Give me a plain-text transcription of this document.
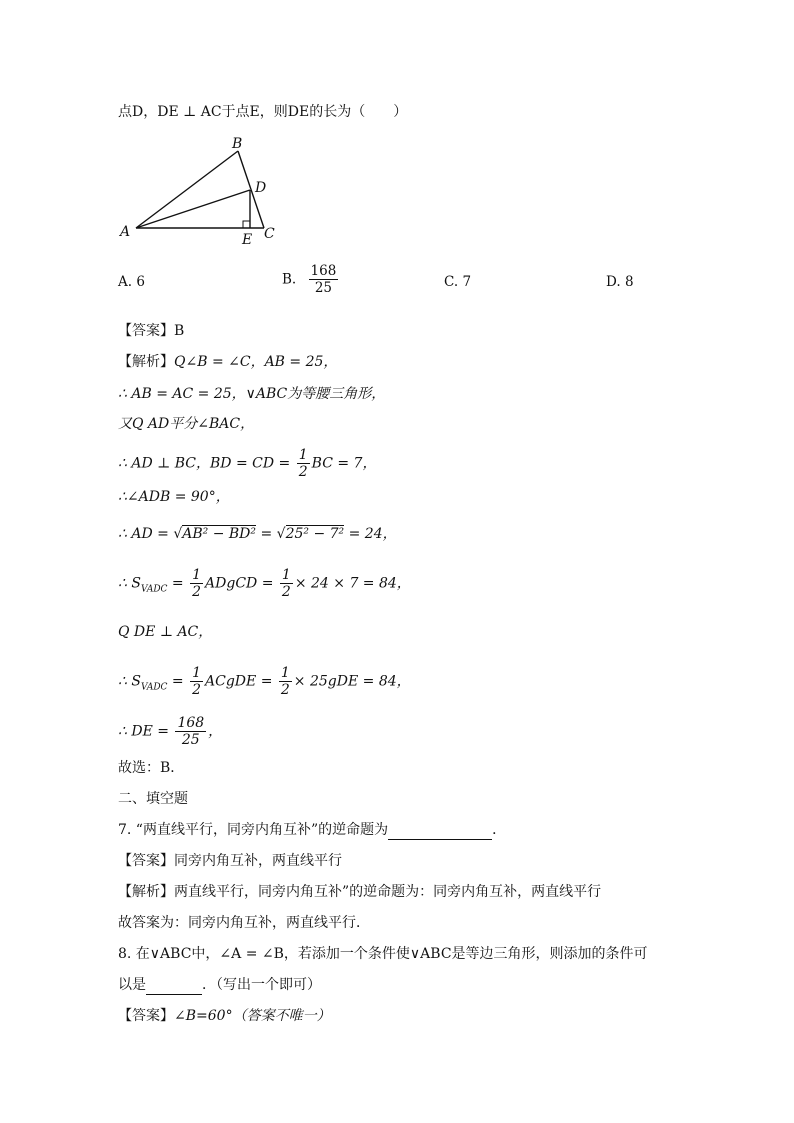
点D，DE ⊥ AC于点E，则DE的长为（　　）
A
B
D
E C
A. 6	B. $\frac{168}{25}$	C. 7	D. 8
【答案】B
【解析】Q∠B = ∠C，AB = 25，
∴ AB = AC = 25，∨ABC为等腰三角形，
又Q AD平分∠BAC，
∴ AD ⊥ BC，BD = CD = $\frac{1}{2}$ BC = 7，
∴∠ADB = 90°，
∴ AD = √AB² − BD² = √25² − 7² = 24，
∴ $S_{VADC} = \frac{1}{2}$ ADgCD = $\frac{1}{2} \times 24 \times 7 = 84$，
Q DE ⊥ AC，
∴ $S_{VADC} = \frac{1}{2}$ ACgDE = $\frac{1}{2} \times 25gDE = 84$，
∴ DE = $\frac{168}{25}$ ，
故选：B．
二、填空题
7. “两直线平行，同旁内角互补”的逆命题为	．
【答案】同旁内角互补，两直线平行
【解析】两直线平行，同旁内角互补”的逆命题为：同旁内角互补，两直线平行
故答案为：同旁内角互补，两直线平行．
8. 在∨ABC中，∠A = ∠B，若添加一个条件使∨ABC是等边三角形，则添加的条件可
以是	．（写出一个即可）
【答案】∠B=60°（答案不唯一）
